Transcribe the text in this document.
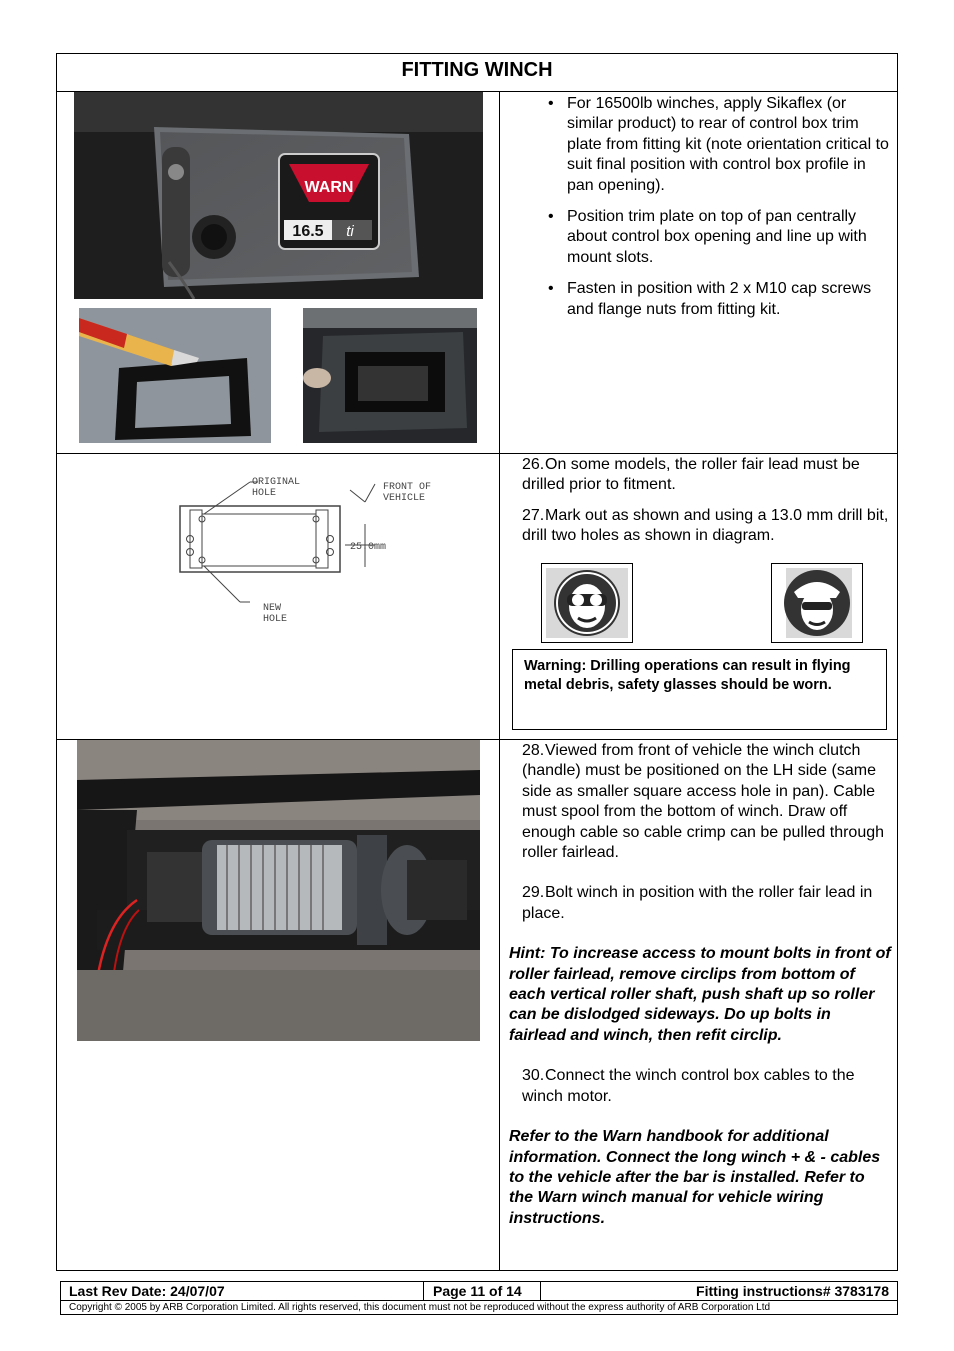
FITTING WINCH
WARN
16.5 ti
• For 16500lb winches, apply Sikaflex (or similar product) to rear of control box trim plate from fitting kit (note orientation critical to suit final position with control box profile in pan opening).
• Position trim plate on top of pan centrally about control box opening and line up with mount slots.
• Fasten in position with 2 x M10 cap screws and flange nuts from fitting kit.
ORIGINAL
HOLE
FRONT OF
VEHICLE
25.0mm
NEW
HOLE
26. On some models, the roller fair lead must be drilled prior to fitment.
27. Mark out as shown and using a 13.0 mm drill bit, drill two holes as shown in diagram.
Warning: Drilling operations can result in flying metal debris, safety glasses should be worn.
28. Viewed from front of vehicle the winch clutch (handle) must be positioned on the LH side (same side as smaller square access hole in pan). Cable must spool from the bottom of winch. Draw off enough cable so cable crimp can be pulled through roller fairlead.
29. Bolt winch in position with the roller fair lead in place.
Hint: To increase access to mount bolts in front of roller fairlead, remove circlips from bottom of each vertical roller shaft, push shaft up so roller can be dislodged sideways. Do up bolts in fairlead and winch, then refit circlip.
30. Connect the winch control box cables to the winch motor.
Refer to the Warn handbook for additional information. Connect the long winch + & - cables to the vehicle after the bar is installed. Refer to the Warn winch manual for vehicle wiring instructions.
Last Rev Date: 24/07/07	Page 11 of 14	Fitting instructions# 3783178
Copyright © 2005 by ARB Corporation Limited. All rights reserved, this document must not be reproduced without the express authority of ARB Corporation Ltd
